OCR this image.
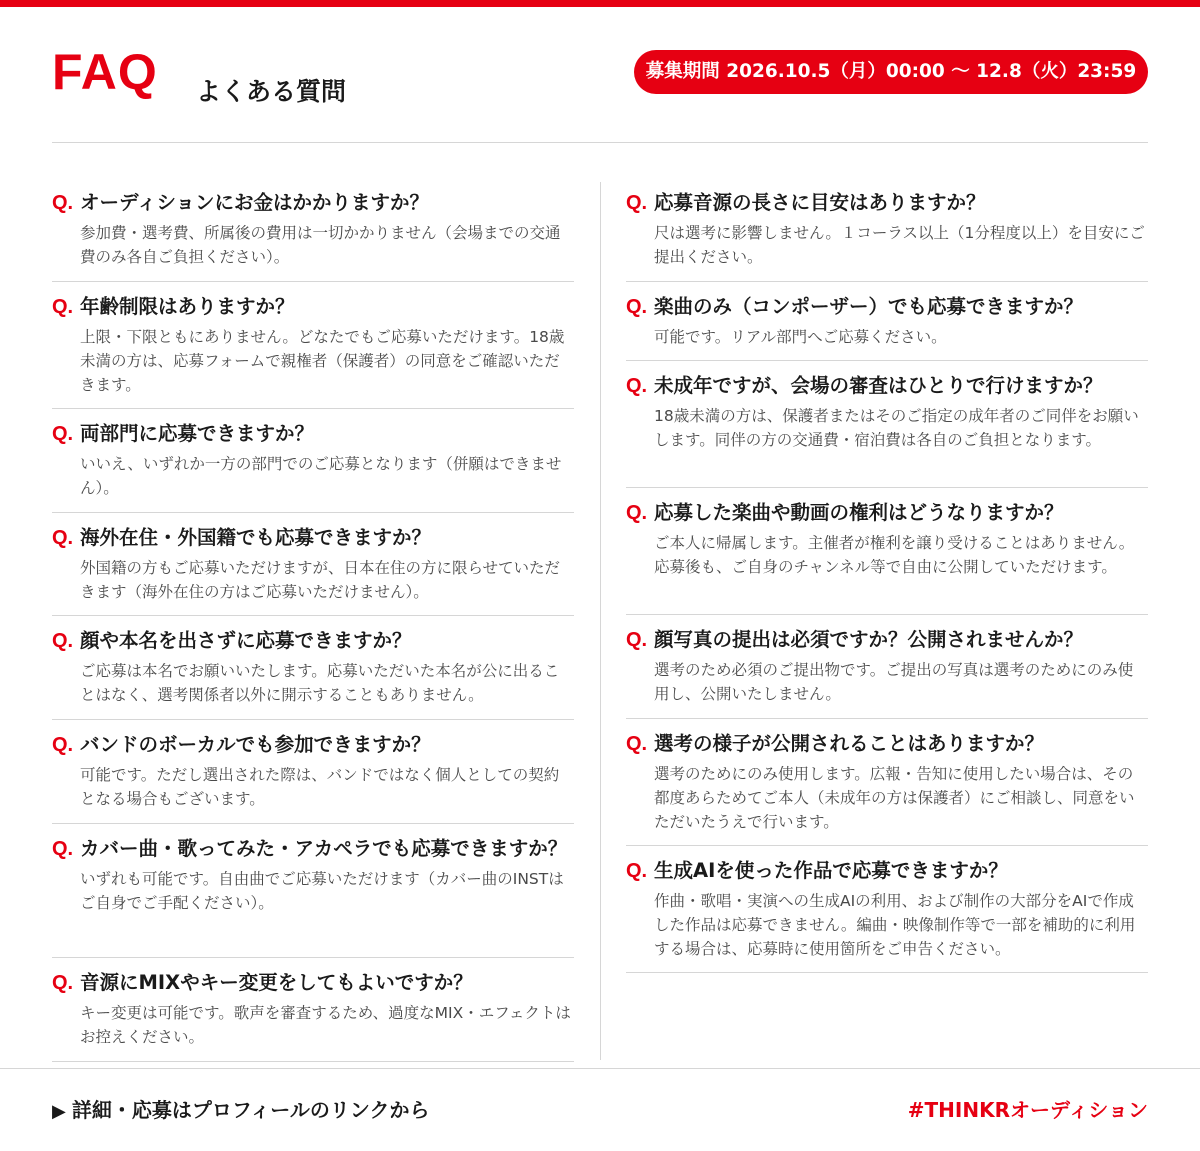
FAQ よくある質問
募集期間 2026.10.5（月）00:00 〜 12.8（火）23:59
Q. オーディションにお金はかかりますか？
参加費・選考費、所属後の費用は一切かかりません（会場までの交通費のみ各自ご負担ください）。
Q. 年齢制限はありますか？
上限・下限ともにありません。どなたでもご応募いただけます。18歳未満の方は、応募フォームで親権者（保護者）の同意をご確認いただきます。
Q. 両部門に応募できますか？
いいえ、いずれか一方の部門でのご応募となります（併願はできません）。
Q. 海外在住・外国籍でも応募できますか？
外国籍の方もご応募いただけますが、日本在住の方に限らせていただきます（海外在住の方はご応募いただけません）。
Q. 顔や本名を出さずに応募できますか？
ご応募は本名でお願いいたします。応募いただいた本名が公に出ることはなく、選考関係者以外に開示することもありません。
Q. バンドのボーカルでも参加できますか？
可能です。ただし選出された際は、バンドではなく個人としての契約となる場合もございます。
Q. カバー曲・歌ってみた・アカペラでも応募できますか？
いずれも可能です。自由曲でご応募いただけます（カバー曲のINSTはご自身でご手配ください）。
Q. 音源にMIXやキー変更をしてもよいですか？
キー変更は可能です。歌声を審査するため、過度なMIX・エフェクトはお控えください。
Q. 応募音源の長さに目安はありますか？
尺は選考に影響しません。１コーラス以上（1分程度以上）を目安にご提出ください。
Q. 楽曲のみ（コンポーザー）でも応募できますか？
可能です。リアル部門へご応募ください。
Q. 未成年ですが、会場の審査はひとりで行けますか？
18歳未満の方は、保護者またはそのご指定の成年者のご同伴をお願いします。同伴の方の交通費・宿泊費は各自のご負担となります。
Q. 応募した楽曲や動画の権利はどうなりますか？
ご本人に帰属します。主催者が権利を譲り受けることはありません。応募後も、ご自身のチャンネル等で自由に公開していただけます。
Q. 顔写真の提出は必須ですか？公開されませんか？
選考のため必須のご提出物です。ご提出の写真は選考のためにのみ使用し、公開いたしません。
Q. 選考の様子が公開されることはありますか？
選考のためにのみ使用します。広報・告知に使用したい場合は、その都度あらためてご本人（未成年の方は保護者）にご相談し、同意をいただいたうえで行います。
Q. 生成AIを使った作品で応募できますか？
作曲・歌唱・実演への生成AIの利用、および制作の大部分をAIで作成した作品は応募できません。編曲・映像制作等で一部を補助的に利用する場合は、応募時に使用箇所をご申告ください。
▶ 詳細・応募はプロフィールのリンクから	#THINKRオーディション
